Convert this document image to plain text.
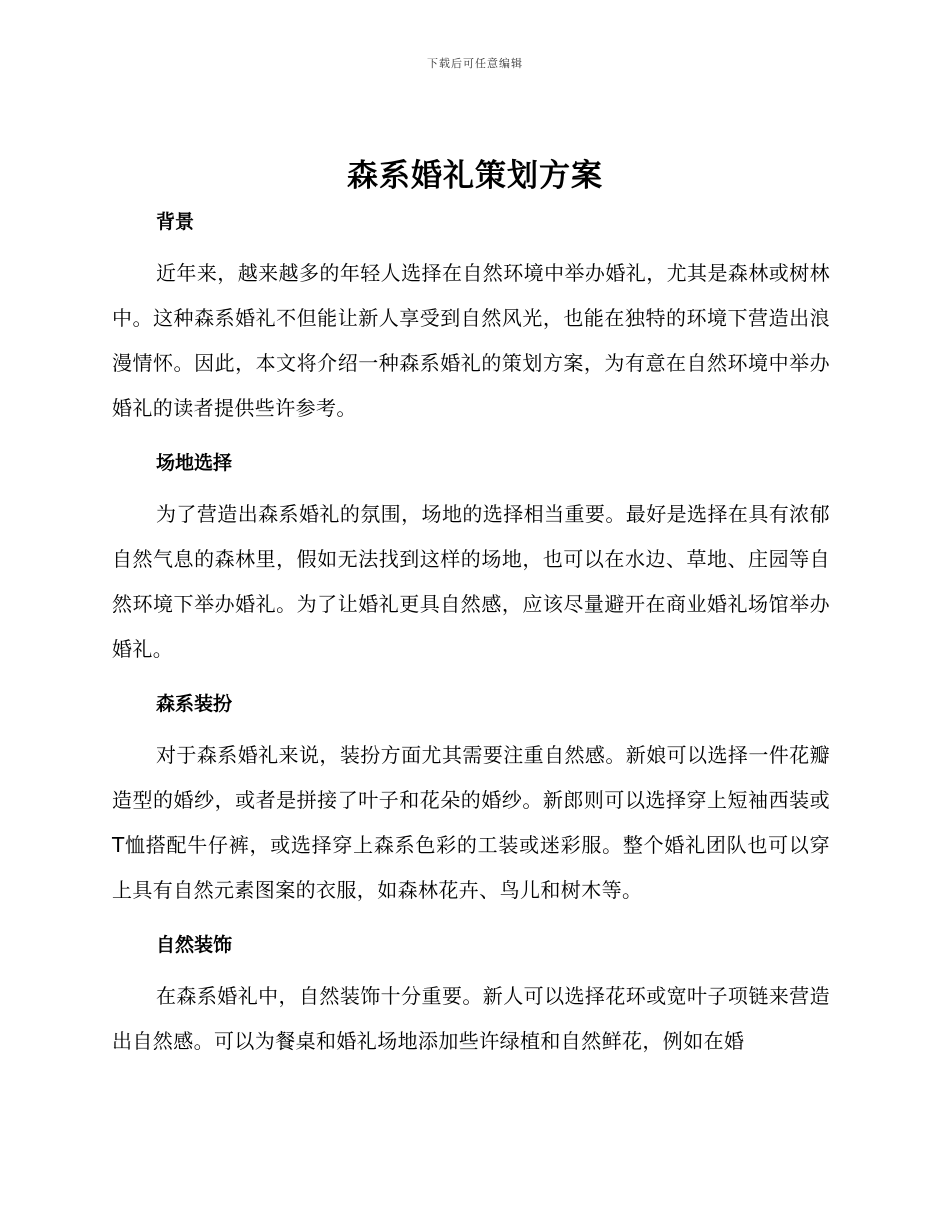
下载后可任意编辑
森系婚礼策划方案
背景

近年来，越来越多的年轻人选择在自然环境中举办婚礼，尤其是森林或树林中。这种森系婚礼不但能让新人享受到自然风光，也能在独特的环境下营造出浪漫情怀。因此，本文将介绍一种森系婚礼的策划方案，为有意在自然环境中举办婚礼的读者提供些许参考。

场地选择

为了营造出森系婚礼的氛围，场地的选择相当重要。最好是选择在具有浓郁自然气息的森林里，假如无法找到这样的场地，也可以在水边、草地、庄园等自然环境下举办婚礼。为了让婚礼更具自然感，应该尽量避开在商业婚礼场馆举办婚礼。

森系装扮

对于森系婚礼来说，装扮方面尤其需要注重自然感。新娘可以选择一件花瓣造型的婚纱，或者是拼接了叶子和花朵的婚纱。新郎则可以选择穿上短袖西装或T恤搭配牛仔裤，或选择穿上森系色彩的工装或迷彩服。整个婚礼团队也可以穿上具有自然元素图案的衣服，如森林花卉、鸟儿和树木等。

自然装饰

在森系婚礼中，自然装饰十分重要。新人可以选择花环或宽叶子项链来营造出自然感。可以为餐桌和婚礼场地添加些许绿植和自然鲜花，例如在婚
